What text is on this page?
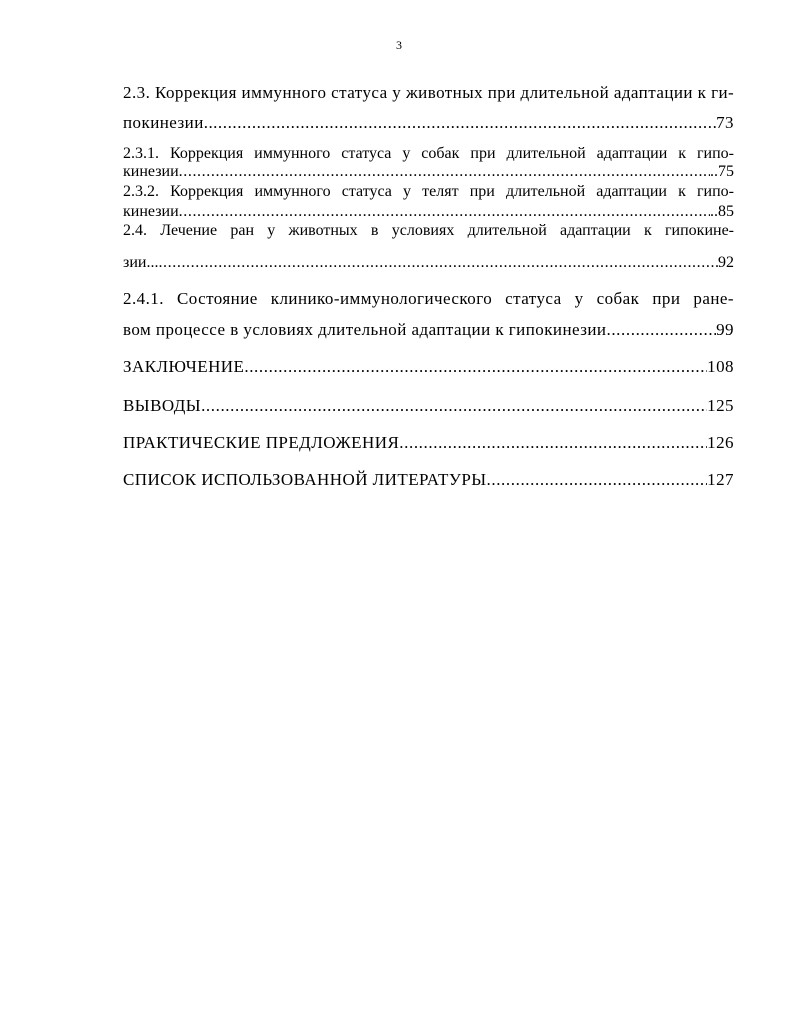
3
2.3. Коррекция иммунного статуса у животных при длительной адаптации к ги-
покинезии... .....	73
2.3.1. Коррекция иммунного статуса у собак при длительной адаптации к гипо-
кинезии .....	..75
2.3.2. Коррекция иммунного статуса у телят при длительной адаптации к гипо-
кинезии .....	..85
2.4. Лечение ран у животных в условиях длительной адаптации к гипокине-
зии... .....	92
2.4.1. Состояние клинико-иммунологического статуса у собак при ране-
вом процессе в условиях длительной адаптации к гипокинезии .....	99
ЗАКЛЮЧЕНИЕ .....	108
ВЫВОДЫ .....	125
ПРАКТИЧЕСКИЕ ПРЕДЛОЖЕНИЯ .....	126
СПИСОК ИСПОЛЬЗОВАННОЙ ЛИТЕРАТУРЫ .....	127
